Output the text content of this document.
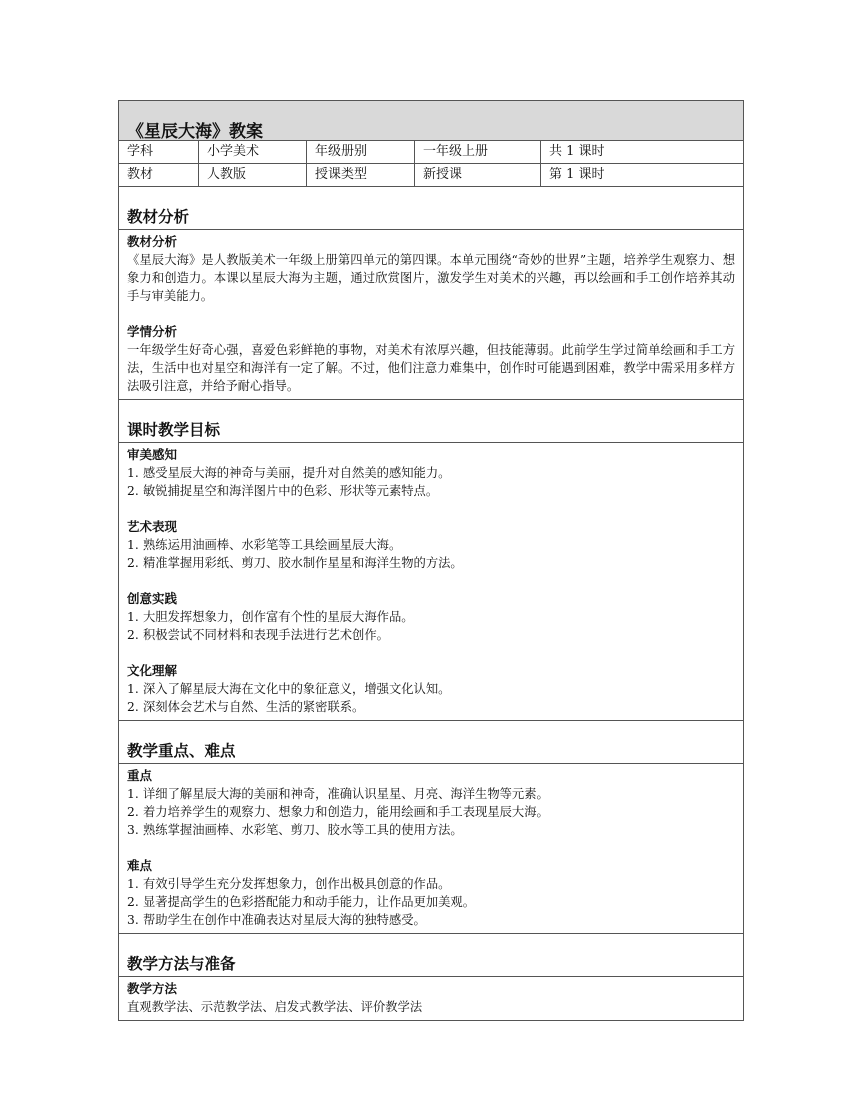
《星辰大海》教案
学科	小学美术	年级册别	一年级上册	共 1 课时
教材	人教版	授课类型	新授课	第 1 课时
教材分析
教材分析
《星辰大海》是人教版美术一年级上册第四单元的第四课。本单元围绕“奇妙的世界”主题，培养学生观察力、想象力和创造力。本课以星辰大海为主题，通过欣赏图片，激发学生对美术的兴趣，再以绘画和手工创作培养其动手与审美能力。
学情分析
一年级学生好奇心强，喜爱色彩鲜艳的事物，对美术有浓厚兴趣，但技能薄弱。此前学生学过简单绘画和手工方法，生活中也对星空和海洋有一定了解。不过，他们注意力难集中，创作时可能遇到困难，教学中需采用多样方法吸引注意，并给予耐心指导。
课时教学目标
审美感知
1. 感受星辰大海的神奇与美丽，提升对自然美的感知能力。
2. 敏锐捕捉星空和海洋图片中的色彩、形状等元素特点。
艺术表现
1. 熟练运用油画棒、水彩笔等工具绘画星辰大海。
2. 精准掌握用彩纸、剪刀、胶水制作星星和海洋生物的方法。
创意实践
1. 大胆发挥想象力，创作富有个性的星辰大海作品。
2. 积极尝试不同材料和表现手法进行艺术创作。
文化理解
1. 深入了解星辰大海在文化中的象征意义，增强文化认知。
2. 深刻体会艺术与自然、生活的紧密联系。
教学重点、难点
重点
1. 详细了解星辰大海的美丽和神奇，准确认识星星、月亮、海洋生物等元素。
2. 着力培养学生的观察力、想象力和创造力，能用绘画和手工表现星辰大海。
3. 熟练掌握油画棒、水彩笔、剪刀、胶水等工具的使用方法。
难点
1. 有效引导学生充分发挥想象力，创作出极具创意的作品。
2. 显著提高学生的色彩搭配能力和动手能力，让作品更加美观。
3. 帮助学生在创作中准确表达对星辰大海的独特感受。
教学方法与准备
教学方法
直观教学法、示范教学法、启发式教学法、评价教学法
